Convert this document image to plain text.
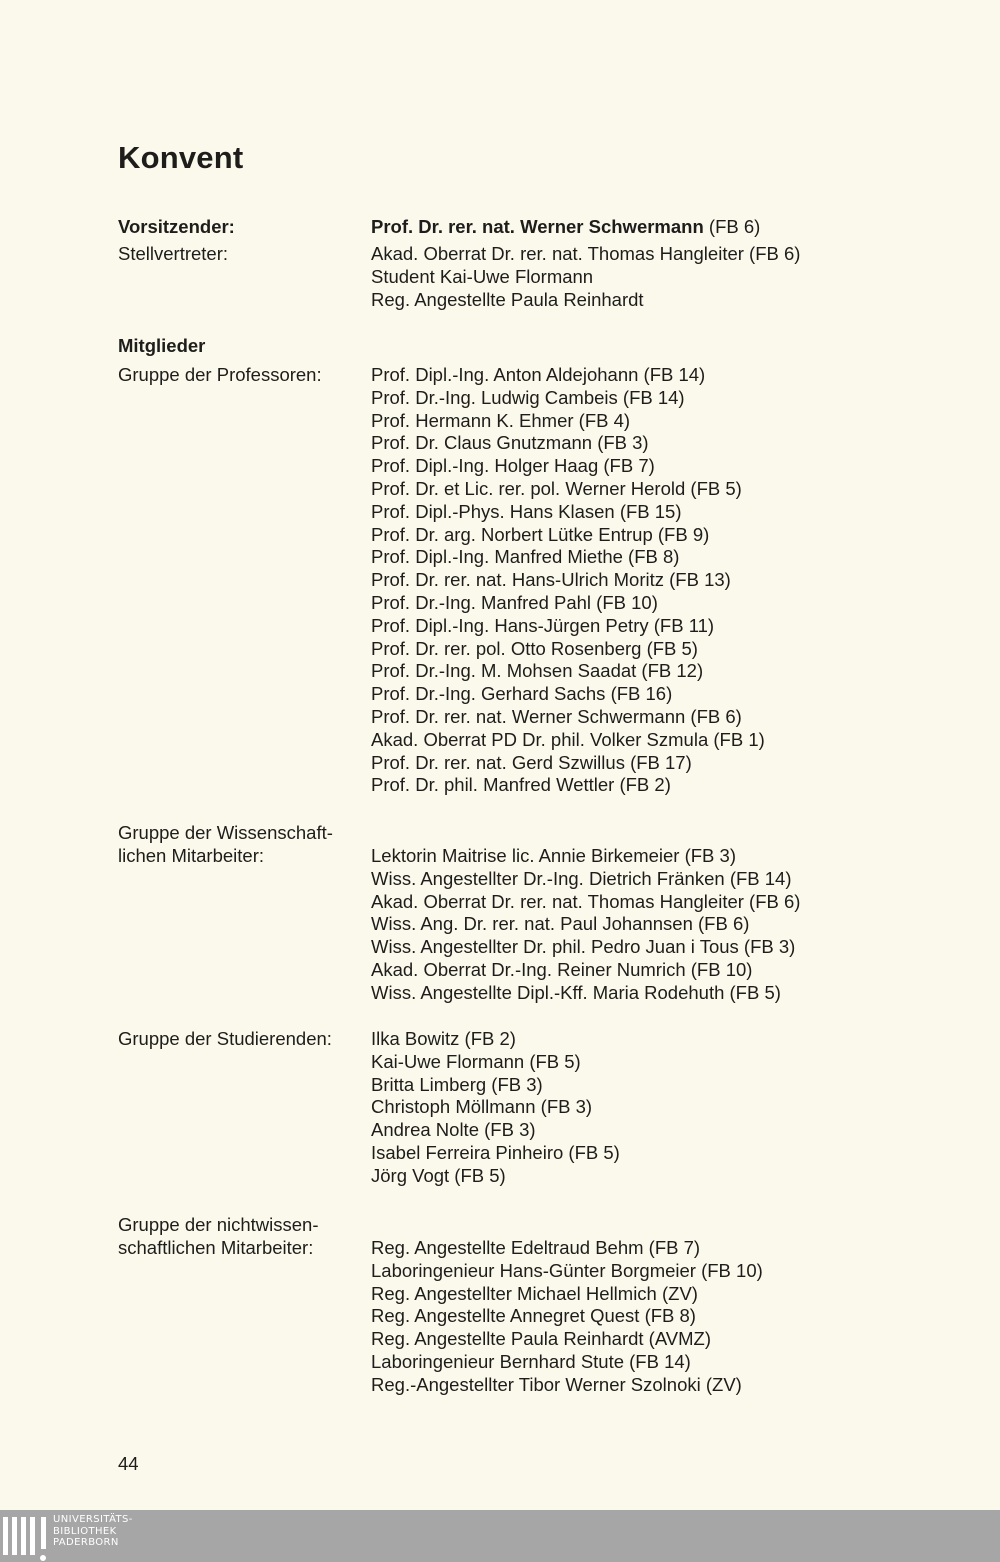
Konvent
Vorsitzender:	Prof. Dr. rer. nat. Werner Schwermann (FB 6)
Stellvertreter:	Akad. Oberrat Dr. rer. nat. Thomas Hangleiter (FB 6)
Student Kai-Uwe Flormann
Reg. Angestellte Paula Reinhardt
Mitglieder
Gruppe der Professoren:	Prof. Dipl.-Ing. Anton Aldejohann (FB 14)
Prof. Dr.-Ing. Ludwig Cambeis (FB 14)
Prof. Hermann K. Ehmer (FB 4)
Prof. Dr. Claus Gnutzmann (FB 3)
Prof. Dipl.-Ing. Holger Haag (FB 7)
Prof. Dr. et Lic. rer. pol. Werner Herold (FB 5)
Prof. Dipl.-Phys. Hans Klasen (FB 15)
Prof. Dr. arg. Norbert Lütke Entrup (FB 9)
Prof. Dipl.-Ing. Manfred Miethe (FB 8)
Prof. Dr. rer. nat. Hans-Ulrich Moritz (FB 13)
Prof. Dr.-Ing. Manfred Pahl (FB 10)
Prof. Dipl.-Ing. Hans-Jürgen Petry (FB 11)
Prof. Dr. rer. pol. Otto Rosenberg (FB 5)
Prof. Dr.-Ing. M. Mohsen Saadat (FB 12)
Prof. Dr.-Ing. Gerhard Sachs (FB 16)
Prof. Dr. rer. nat. Werner Schwermann (FB 6)
Akad. Oberrat PD Dr. phil. Volker Szmula (FB 1)
Prof. Dr. rer. nat. Gerd Szwillus (FB 17)
Prof. Dr. phil. Manfred Wettler (FB 2)
Gruppe der Wissenschaft-
lichen Mitarbeiter:	Lektorin Maitrise lic. Annie Birkemeier (FB 3)
Wiss. Angestellter Dr.-Ing. Dietrich Fränken (FB 14)
Akad. Oberrat Dr. rer. nat. Thomas Hangleiter (FB 6)
Wiss. Ang. Dr. rer. nat. Paul Johannsen (FB 6)
Wiss. Angestellter Dr. phil. Pedro Juan i Tous (FB 3)
Akad. Oberrat Dr.-Ing. Reiner Numrich (FB 10)
Wiss. Angestellte Dipl.-Kff. Maria Rodehuth (FB 5)
Gruppe der Studierenden:	Ilka Bowitz (FB 2)
Kai-Uwe Flormann (FB 5)
Britta Limberg (FB 3)
Christoph Möllmann (FB 3)
Andrea Nolte (FB 3)
Isabel Ferreira Pinheiro (FB 5)
Jörg Vogt (FB 5)
Gruppe der nichtwissen-
schaftlichen Mitarbeiter:	Reg. Angestellte Edeltraud Behm (FB 7)
Laboringenieur Hans-Günter Borgmeier (FB 10)
Reg. Angestellter Michael Hellmich (ZV)
Reg. Angestellte Annegret Quest (FB 8)
Reg. Angestellte Paula Reinhardt (AVMZ)
Laboringenieur Bernhard Stute (FB 14)
Reg.-Angestellter Tibor Werner Szolnoki (ZV)
44
UNIVERSITÄTS-
BIBLIOTHEK
PADERBORN
